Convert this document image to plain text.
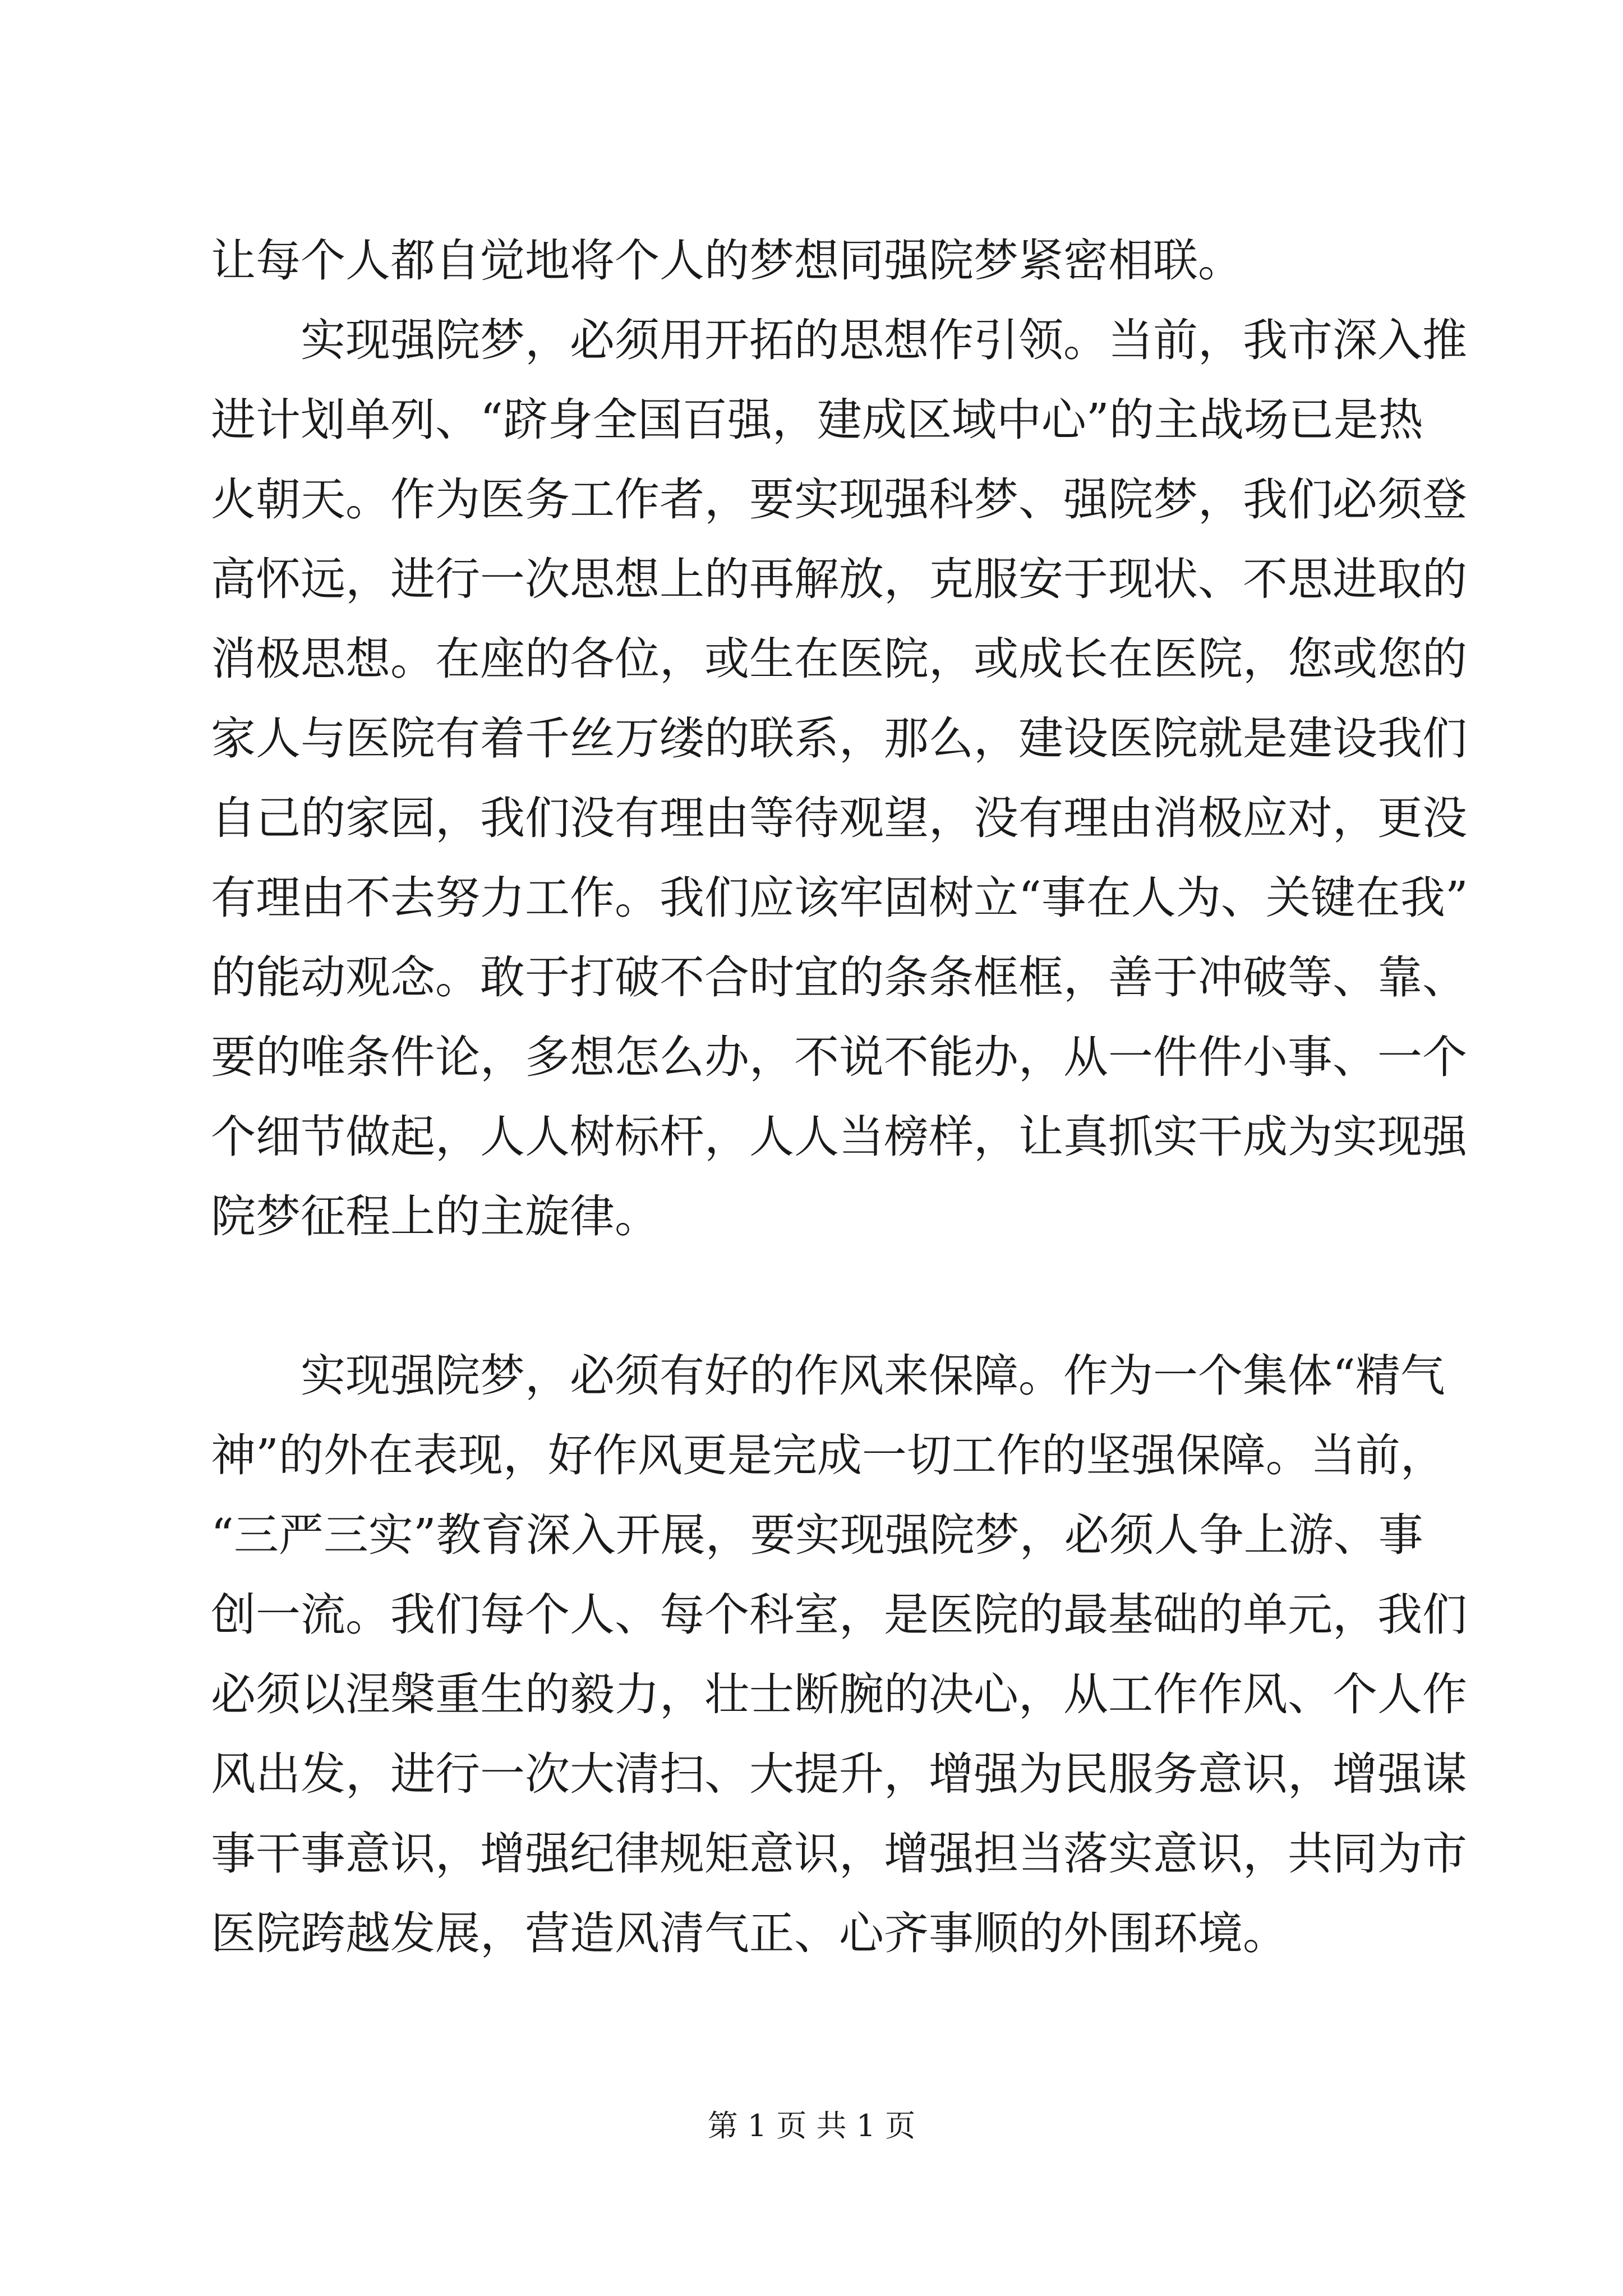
让每个人都自觉地将个人的梦想同强院梦紧密相联。

实现强院梦，必须用开拓的思想作引领。当前，我市深入推

进计划单列、“跻身全国百强，建成区域中心”的主战场已是热

火朝天。作为医务工作者，要实现强科梦、强院梦，我们必须登

高怀远，进行一次思想上的再解放，克服安于现状、不思进取的

消极思想。在座的各位，或生在医院，或成长在医院，您或您的

家人与医院有着千丝万缕的联系，那么，建设医院就是建设我们

自己的家园，我们没有理由等待观望，没有理由消极应对，更没

有理由不去努力工作。我们应该牢固树立“事在人为、关键在我”

的能动观念。敢于打破不合时宜的条条框框，善于冲破等、靠、

要的唯条件论，多想怎么办，不说不能办，从一件件小事、一个

个细节做起，人人树标杆，人人当榜样，让真抓实干成为实现强

院梦征程上的主旋律。

实现强院梦，必须有好的作风来保障。作为一个集体“精气

神”的外在表现，好作风更是完成一切工作的坚强保障。当前，

“三严三实”教育深入开展，要实现强院梦，必须人争上游、事

创一流。我们每个人、每个科室，是医院的最基础的单元，我们

必须以涅槃重生的毅力，壮士断腕的决心，从工作作风、个人作

风出发，进行一次大清扫、大提升，增强为民服务意识，增强谋

事干事意识，增强纪律规矩意识，增强担当落实意识，共同为市

医院跨越发展，营造风清气正、心齐事顺的外围环境。

第 1 页 共 1 页
